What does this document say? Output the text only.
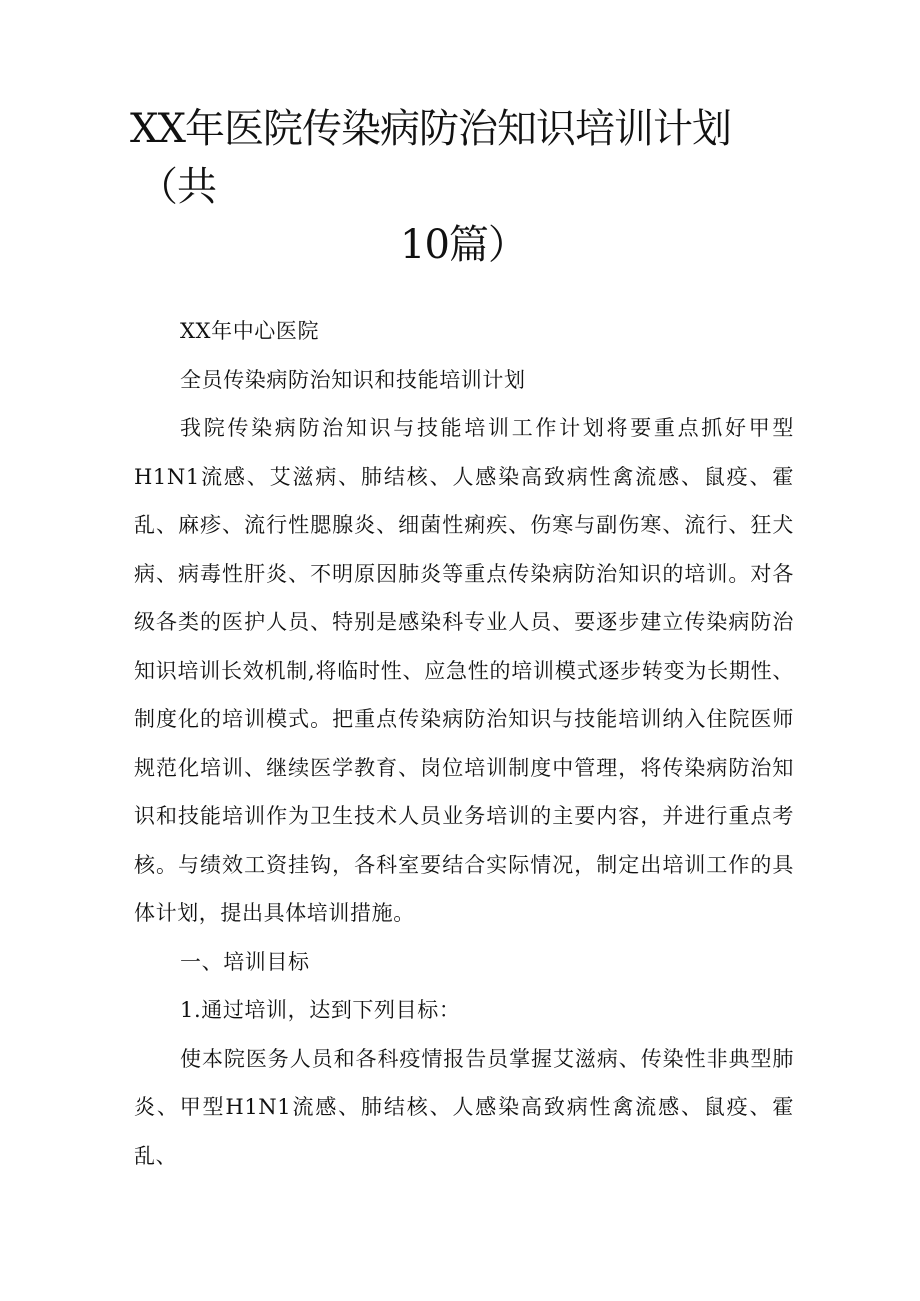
XX年医院传染病防治知识培训计划
（共
10篇）

XX年中心医院

全员传染病防治知识和技能培训计划

我院传染病防治知识与技能培训工作计划将要重点抓好甲型H1N1流感、艾滋病、肺结核、人感染高致病性禽流感、鼠疫、霍乱、麻疹、流行性腮腺炎、细菌性痢疾、伤寒与副伤寒、流行、狂犬病、病毒性肝炎、不明原因肺炎等重点传染病防治知识的培训。对各级各类的医护人员、特别是感染科专业人员、要逐步建立传染病防治知识培训长效机制,将临时性、应急性的培训模式逐步转变为长期性、制度化的培训模式。把重点传染病防治知识与技能培训纳入住院医师规范化培训、继续医学教育、岗位培训制度中管理，将传染病防治知识和技能培训作为卫生技术人员业务培训的主要内容，并进行重点考核。与绩效工资挂钩，各科室要结合实际情况，制定出培训工作的具体计划，提出具体培训措施。

一、培训目标

1.通过培训，达到下列目标：

使本院医务人员和各科疫情报告员掌握艾滋病、传染性非典型肺炎、甲型H1N1流感、肺结核、人感染高致病性禽流感、鼠疫、霍乱、
